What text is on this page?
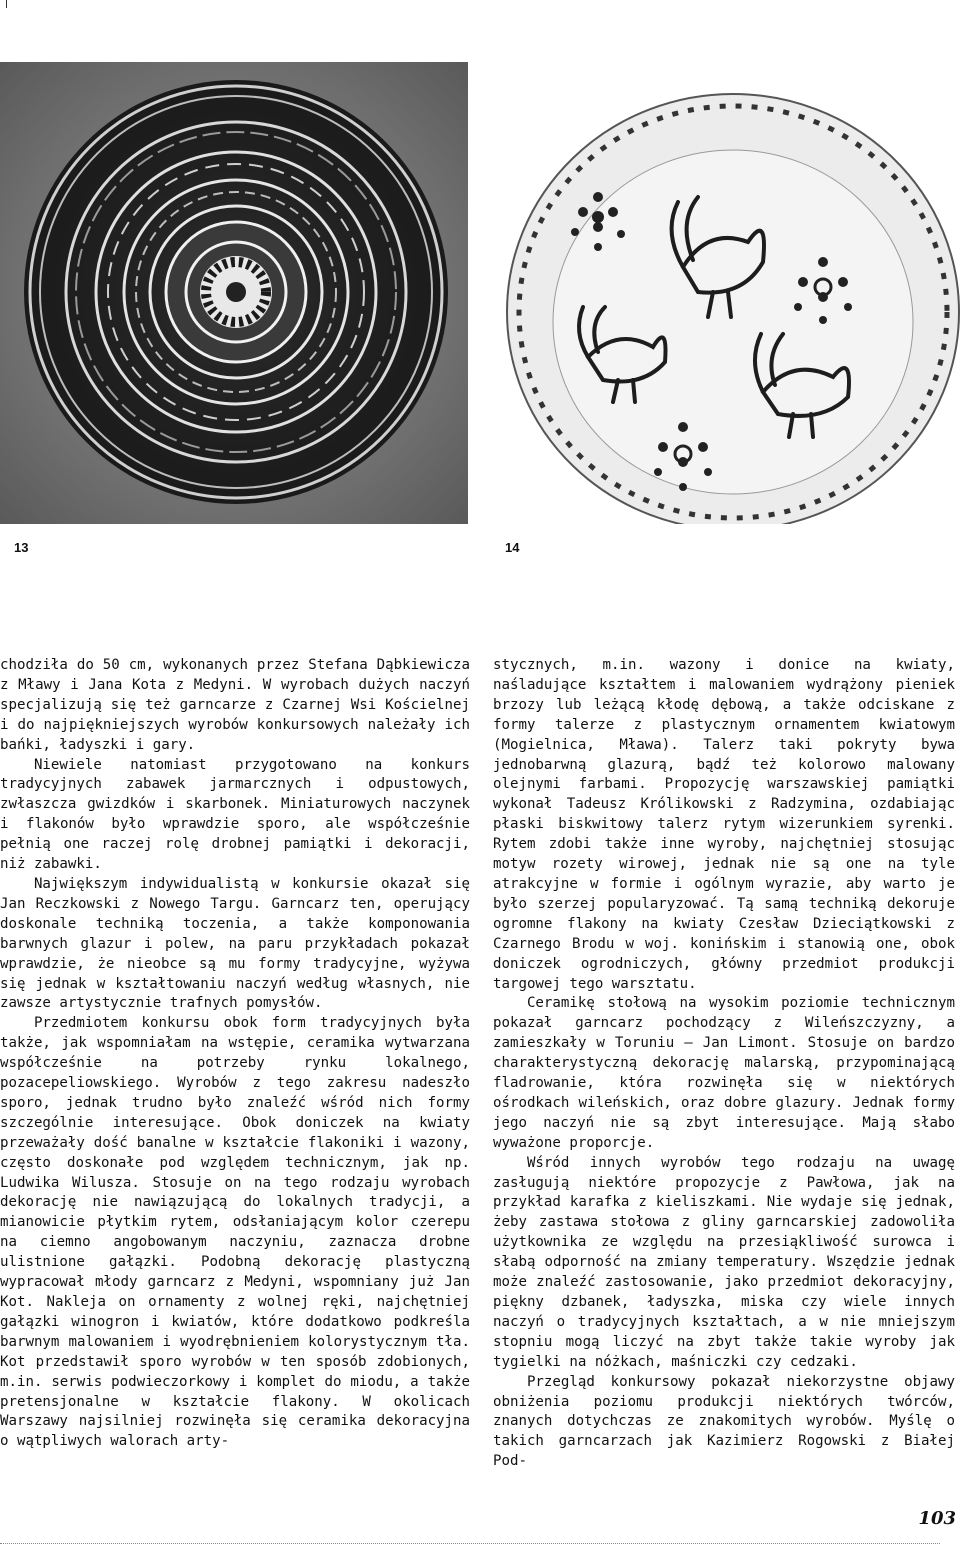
13	14

chodziła do 50 cm, wykonanych przez Stefana Dąbkiewicza z Mławy i Jana Kota z Medyni. W wyrobach dużych naczyń specjalizują się też garncarze z Czarnej Wsi Kościelnej i do najpiękniejszych wyrobów konkursowych należały ich bańki, ładyszki i gary.

Niewiele natomiast przygotowano na konkurs tradycyjnych zabawek jarmarcznych i odpustowych, zwłaszcza gwizdków i skarbonek. Miniaturowych naczynek i flakonów było wprawdzie sporo, ale współcześnie pełnią one raczej rolę drobnej pamiątki i dekoracji, niż zabawki.

Największym indywidualistą w konkursie okazał się Jan Reczkowski z Nowego Targu. Garncarz ten, operujący doskonale techniką toczenia, a także komponowania barwnych glazur i polew, na paru przykładach pokazał wprawdzie, że nieobce są mu formy tradycyjne, wyżywa się jednak w kształtowaniu naczyń według własnych, nie zawsze artystycznie trafnych pomysłów.

Przedmiotem konkursu obok form tradycyjnych była także, jak wspomniałam na wstępie, ceramika wytwarzana współcześnie na potrzeby rynku lokalnego, pozacepeliowskiego. Wyrobów z tego zakresu nadeszło sporo, jednak trudno było znaleźć wśród nich formy szczególnie interesujące. Obok doniczek na kwiaty przeważały dość banalne w kształcie flakoniki i wazony, często doskonałe pod względem technicznym, jak np. Ludwika Wilusza. Stosuje on na tego rodzaju wyrobach dekorację nie nawiązującą do lokalnych tradycji, a mianowicie płytkim rytem, odsłaniającym kolor czerepu na ciemno angobowanym naczyniu, zaznacza drobne ulistnione gałązki. Podobną dekorację plastyczną wypracował młody garncarz z Medyni, wspomniany już Jan Kot. Nakleja on ornamenty z wolnej ręki, najchętniej gałązki winogron i kwiatów, które dodatkowo podkreśla barwnym malowaniem i wyodrębnieniem kolorystycznym tła. Kot przedstawił sporo wyrobów w ten sposób zdobionych, m.in. serwis podwieczorkowy i komplet do miodu, a także pretensjonalne w kształcie flakony. W okolicach Warszawy najsilniej rozwinęła się ceramika dekoracyjna o wątpliwych walorach arty-

stycznych, m.in. wazony i donice na kwiaty, naśladujące kształtem i malowaniem wydrążony pieniek brzozy lub leżącą kłodę dębową, a także odciskane z formy talerze z plastycznym ornamentem kwiatowym (Mogielnica, Mława). Talerz taki pokryty bywa jednobarwną glazurą, bądź też kolorowo malowany olejnymi farbami. Propozycję warszawskiej pamiątki wykonał Tadeusz Królikowski z Radzymina, ozdabiając płaski biskwitowy talerz rytym wizerunkiem syrenki. Rytem zdobi także inne wyroby, najchętniej stosując motyw rozety wirowej, jednak nie są one na tyle atrakcyjne w formie i ogólnym wyrazie, aby warto je było szerzej popularyzować. Tą samą techniką dekoruje ogromne flakony na kwiaty Czesław Dzieciątkowski z Czarnego Brodu w woj. konińskim i stanowią one, obok doniczek ogrodniczych, główny przedmiot produkcji targowej tego warsztatu.

Ceramikę stołową na wysokim poziomie technicznym pokazał garncarz pochodzący z Wileńszczyzny, a zamieszkały w Toruniu — Jan Limont. Stosuje on bardzo charakterystyczną dekorację malarską, przypominającą fladrowanie, która rozwinęła się w niektórych ośrodkach wileńskich, oraz dobre glazury. Jednak formy jego naczyń nie są zbyt interesujące. Mają słabo wyważone proporcje.

Wśród innych wyrobów tego rodzaju na uwagę zasługują niektóre propozycje z Pawłowa, jak na przykład karafka z kieliszkami. Nie wydaje się jednak, żeby zastawa stołowa z gliny garncarskiej zadowoliła użytkownika ze względu na przesiąkliwość surowca i słabą odporność na zmiany temperatury. Wszędzie jednak może znaleźć zastosowanie, jako przedmiot dekoracyjny, piękny dzbanek, ładyszka, miska czy wiele innych naczyń o tradycyjnych kształtach, a w nie mniejszym stopniu mogą liczyć na zbyt także takie wyroby jak tygielki na nóżkach, maśniczki czy cedzaki.

Przegląd konkursowy pokazał niekorzystne objawy obniżenia poziomu produkcji niektórych twórców, znanych dotychczas ze znakomitych wyrobów. Myślę o takich garncarzach jak Kazimierz Rogowski z Białej Pod-

103
